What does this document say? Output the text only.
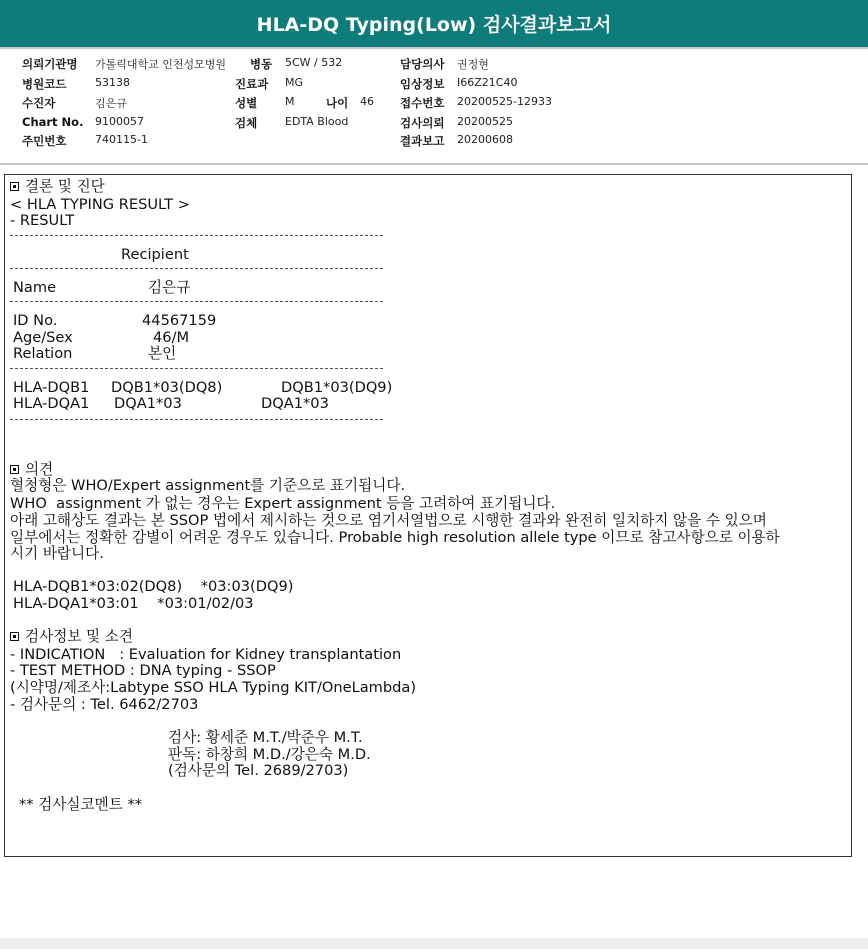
HLA-DQ Typing(Low) 검사결과보고서
의뢰기관명 가톨릭대학교 인천성모병원 병동 5CW / 532	담당의사 권정현
병원코드	53138	진료과 MG	임상정보 I66Z21C40
수진자	김은규	성별	M	나이 46 접수번호 20200525-12933
Chart No. 9100057	검체	EDTA Blood	검사의뢰 20200525
주민번호	740115-1	결과보고 20200608
결론 및 진단
< HLA TYPING RESULT >
- RESULT
Recipient
Name	김은규
ID No.	44567159
Age/Sex	46/M
Relation	본인
HLA-DQB1 DQB1*03(DQ8)	DQB1*03(DQ9)
HLA-DQA1 DQA1*03	DQA1*03
의견
혈청형은 WHO/Expert assignment를 기준으로 표기됩니다.
WHO  assignment 가 없는 경우는 Expert assignment 등을 고려하여 표기됩니다.
아래 고해상도 결과는 본 SSOP 법에서 제시하는 것으로 염기서열법으로 시행한 결과와 완전히 일치하지 않을 수 있으며
일부에서는 정확한 감별이 어려운 경우도 있습니다. Probable high resolution allele type 이므로 참고사항으로 이용하
시기 바랍니다.
HLA-DQB1*03:02(DQ8)    *03:03(DQ9)
HLA-DQA1*03:01    *03:01/02/03
검사정보 및 소견
- INDICATION   : Evaluation for Kidney transplantation
- TEST METHOD : DNA typing - SSOP
(시약명/제조사:Labtype SSO HLA Typing KIT/OneLambda)
- 검사문의 : Tel. 6462/2703
검사: 황세준 M.T./박준우 M.T.
판독: 하창희 M.D./강은숙 M.D.
(검사문의 Tel. 2689/2703)
** 검사실코멘트 **
